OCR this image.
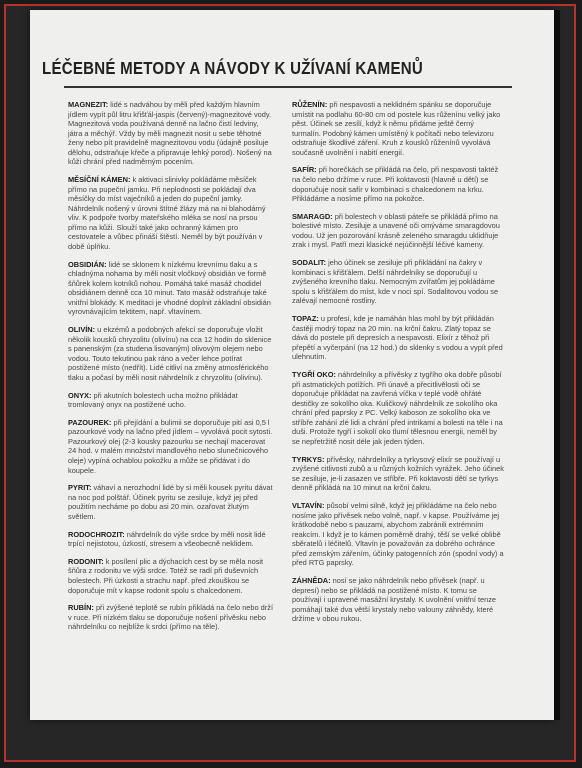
LÉČEBNÉ METODY A NÁVODY K UŽÍVANÍ KAMENŮ

MAGNEZIT: lidé s nadváhou by měli před každým hlavním jídlem vypít půl litru křišťál-jaspis (červený)-magnezitové vody. Magnezitová voda používaná denně na lačno čistí ledviny, játra a měchýř. Vždy by měli magnezit nosit u sebe těhotné ženy nebo pít pravidelně magnezitovou vodu (údajně posiluje dělohu, odstraňuje křeče a připravuje lehký porod). Nošený na kůži chrání před nadměrným pocením.

MĚSÍČNÍ KÁMEN: k aktivaci slinivky pokládáme měsíček přímo na pupeční jamku. Při neplodnosti se pokládají dva měsíčky do míst vaječníků a jeden do pupeční jamky. Náhrdelník nošený v úrovni štítné žlázy má na ni blahodárný vliv. K podpoře tvorby mateřského mléka se nosí na prsou přímo na kůži. Slouží také jako ochranný kámen pro cestovatele a vůbec přináší štěstí. Neměl by být používán v době úplňku.

OBSIDIÁN: lidé se sklonem k nízkému krevnímu tlaku a s chladnýma nohama by měli nosit vločkový obsidián ve formě šňůrek kolem kotníků nohou. Pomáhá také masáž chodidel obsidiánem denně cca 10 minut. Tato masáž odstraňuje také vnitřní blokády. K meditaci je vhodné doplnit základní obsidián vyrovnávajícím tektitem, např. vltavínem.

OLIVÍN: u ekzémů a podobných afekcí se doporučuje vložit několik kousků chryzolitu (olivínu) na cca 12 hodin do sklenice s panenským (za studena lisovaným) olivovým olejem nebo vodou. Touto tekutinou pak ráno a večer lehce potírat postižené místo (nedřít). Lidé citliví na změny atmosférického tlaku a počasí by měli nosit náhrdelník z chryzolitu (olivínu).

ONYX: při akutních bolestech ucha možno přikládat tromlovaný onyx na postižené ucho.

PAZOUREK: při přejídání a bulimii se doporučuje pití asi 0,5 l pazourkové vody na lačno před jídlem – vyvolává pocit sytosti. Pazourkový olej (2-3 kousky pazourku se nechají macerovat 24 hod. v malém množství mandlového nebo slunečnicového oleje) vypíná ochablou pokožku a může se přidávat i do koupele.

PYRIT: váhaví a nerozhodní lidé by si měli kousek pyritu dávat na noc pod polštář. Účinek pyritu se zesiluje, když jej před použitím necháme po dobu asi 20 min. ozařovat žlutým světlem.

RODOCHROZIT: náhrdelník do výše srdce by měli nosit lidé trpící nejistotou, úzkostí, stresem a všeobecně neklidem.

RODONIT: k posílení plic a dýchacích cest by se měla nosit šňůra z rodonitu ve výši srdce. Totéž se radí při duševních bolestech. Při úzkosti a strachu např. před zkouškou se doporučuje mít v kapse rodonit spolu s chalcedonem.

RUBÍN: při zvýšené teplotě se rubín přikládá na čelo nebo drží v ruce. Při nízkém tlaku se doporučuje nošení přívěsku nebo náhrdelníku co nejblíže k srdci (přímo na těle).

RŮŽENÍN: při nespavosti a neklidném spánku se doporučuje umístit na podlahu 60-80 cm od postele kus růženínu velký jako pěst. Účinek se zesílí, když k němu přidáme ještě černý turmalín. Podobný kámen umístěný k počítači nebo televizoru odstraňuje škodlivé záření. Kruh z kousků růženínů vyvolává současně uvolnění i nabití energií.

SAFÍR: při horečkách se přikládá na čelo, při nespavosti taktéž na čelo nebo držíme v ruce. Při koktavosti (hlavně u dětí) se doporučuje nosit safír v kombinaci s chalcedonem na krku. Přikládáme a nosíme přímo na pokožce.

SMARAGD: při bolestech v oblasti páteře se přikládá přímo na bolestivé místo. Zesiluje a unavené oči omýváme smaragdovou vodou. Už jen pozorování krásně zeleného smaragdu uklidňuje zrak i mysl. Patří mezi klasické nejúčinnější léčivé kameny.

SODALIT: jeho účinek se zesiluje při přikládání na čakry v kombinaci s křišťálem. Delší náhrdelníky se doporučují u zvýšeného krevního tlaku. Nemocným zvířatům jej pokládáme spolu s křišťálem do míst, kde v noci spí. Sodalitovou vodou se zalévají nemocné rostliny.

TOPAZ: u profesí, kde je namáhán hlas mohl by být přikládán častěji modrý topaz na 20 min. na krční čakru. Zlatý topaz se dává do postele při depresích a nespavosti. Elixír z těhož při přepětí a vyčerpání (na 12 hod.) do sklenky s vodou a vypít před ulehnutím.

TYGŘÍ OKO: náhrdelníky a přívěsky z tygřího oka dobře působí při astmatických potížích. Při únavě a přecitlivělosti oči se doporučuje přikládat na zavřená víčka v teplé vodě ohřáté destičky ze sokolího oka. Kuličkový náhrdelník ze sokolího oka chrání před paprsky z PC. Velký kaboson ze sokolího oka ve stříbře zahání zlé lidi a chrání před intrikami a bolesti na těle i na duši. Protože tygří i sokolí oko tlumí tělesnou energii, neměl by se nepřetržitě nosit déle jak jeden týden.

TYRKYS: přívěsky, náhrdelníky a tyrkysový elixír se používají u zvýšené citlivosti zubů a u různých kožních vyrážek. Jeho účinek se zesiluje, je-li zasazen ve stříbře. Při koktavosti dětí se tyrkys denně přikládá na 10 minut na krční čakru.

VLTAVÍN: působí velmi silně, když jej přikládáme na čelo nebo nosíme jako přívěsek nebo volně, např. v kapse. Používáme jej krátkodobě nebo s pauzami, abychom zabránili extrémním reakcím. I když je to kámen poměrně drahý, těší se velké oblibě sběratelů i léčitelů. Vltavín je považován za dobrého ochránce před zemským zářením, účinky patogenních zón (spodní vody) a před RTG paprsky.

ZÁHNĚDA: nosí se jako náhrdelník nebo přívěsek (např. u depresí) nebo se přikládá na postižené místo. K tomu se používají i upravené masážní krystaly. K uvolnění vnitřní tenze pomáhají také dva větší krystaly nebo valouny záhnědy, které držíme v obou rukou.
